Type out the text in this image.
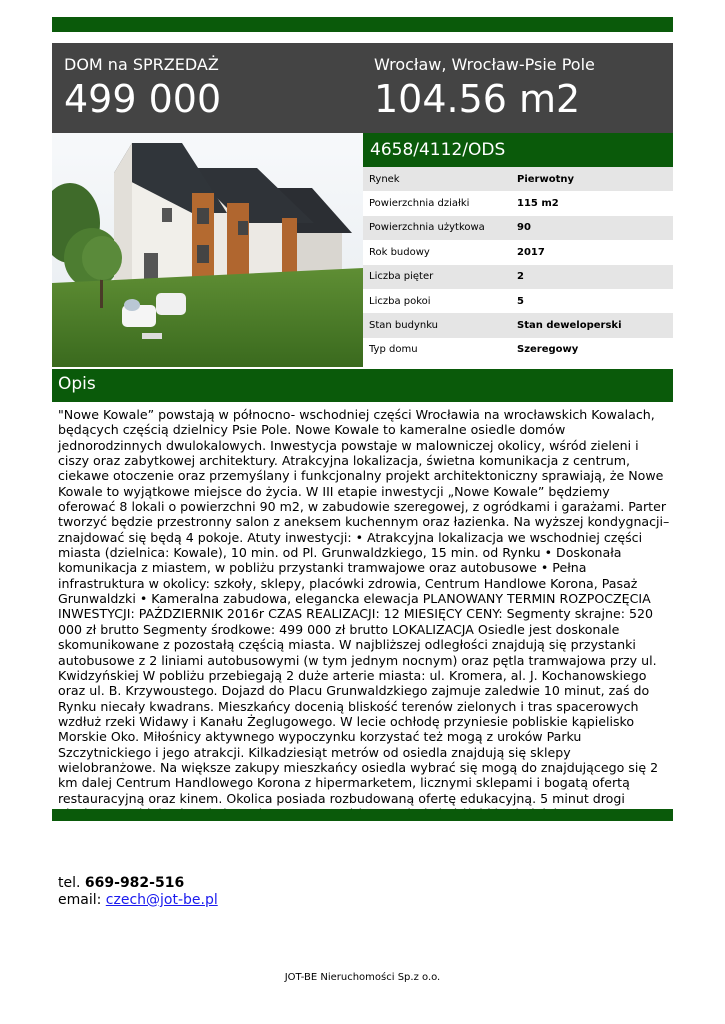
DOM na SPRZEDAŻ
499 000
Wrocław, Wrocław-Psie Pole
104.56 m2
4658/4112/ODS
Rynek	Pierwotny
Powierzchnia działki	115 m2
Powierzchnia użytkowa	90
Rok budowy	2017
Liczba pięter	2
Liczba pokoi	5
Stan budynku	Stan deweloperski
Typ domu	Szeregowy
Opis

"Nowe Kowale” powstają w północno- wschodniej części Wrocławia na wrocławskich Kowalach, będących częścią dzielnicy Psie Pole. Nowe Kowale to kameralne osiedle domów jednorodzinnych dwulokalowych. Inwestycja powstaje w malowniczej okolicy, wśród zieleni i ciszy oraz zabytkowej architektury. Atrakcyjna lokalizacja, świetna komunikacja z centrum, ciekawe otoczenie oraz przemyślany i funkcjonalny projekt architektoniczny sprawiają, że Nowe Kowale to wyjątkowe miejsce do życia. W III etapie inwestycji „Nowe Kowale” będziemy oferować 8 lokali o powierzchni 90 m2, w zabudowie szeregowej, z ogródkami i garażami. Parter tworzyć będzie przestronny salon z aneksem kuchennym oraz łazienka. Na wyższej kondygnacji– znajdować się będą 4 pokoje. Atuty inwestycji: • Atrakcyjna lokalizacja we wschodniej części miasta (dzielnica: Kowale), 10 min. od Pl. Grunwaldzkiego, 15 min. od Rynku • Doskonała komunikacja z miastem, w pobliżu przystanki tramwajowe oraz autobusowe • Pełna infrastruktura w okolicy: szkoły, sklepy, placówki zdrowia, Centrum Handlowe Korona, Pasaż Grunwaldzki • Kameralna zabudowa, elegancka elewacja PLANOWANY TERMIN ROZPOCZĘCIA INWESTYCJI: PAŹDZIERNIK 2016r CZAS REALIZACJI: 12 MIESIĘCY CENY: Segmenty skrajne: 520 000 zł brutto Segmenty środkowe: 499 000 zł brutto LOKALIZACJA Osiedle jest doskonale skomunikowane z pozostałą częścią miasta. W najbliższej odległości znajdują się przystanki autobusowe z 2 liniami autobusowymi (w tym jednym nocnym) oraz pętla tramwajowa przy ul. Kwidzyńskiej W pobliżu przebiegają 2 duże arterie miasta: ul. Kromera, al. J. Kochanowskiego oraz ul. B. Krzywoustego. Dojazd do Placu Grunwaldzkiego zajmuje zaledwie 10 minut, zaś do Rynku niecały kwadrans. Mieszkańcy docenią bliskość terenów zielonych i tras spacerowych wzdłuż rzeki Widawy i Kanału Żeglugowego. W lecie ochłodę przyniesie pobliskie kąpielisko Morskie Oko. Miłośnicy aktywnego wypoczynku korzystać też mogą z uroków Parku Szczytnickiego i jego atrakcji. Kilkadziesiąt metrów od osiedla znajdują się sklepy wielobranżowe. Na większe zakupy mieszkańcy osiedla wybrać się mogą do znajdującego się 2 km dalej Centrum Handlowego Korona z hipermarketem, licznymi sklepami i bogatą ofertą restauracyjną oraz kinem. Okolica posiada rozbudowaną ofertę edukacyjną. 5 minut drogi

tel. 669-982-516
email: czech@jot-be.pl
JOT-BE Nieruchomości Sp.z o.o.
